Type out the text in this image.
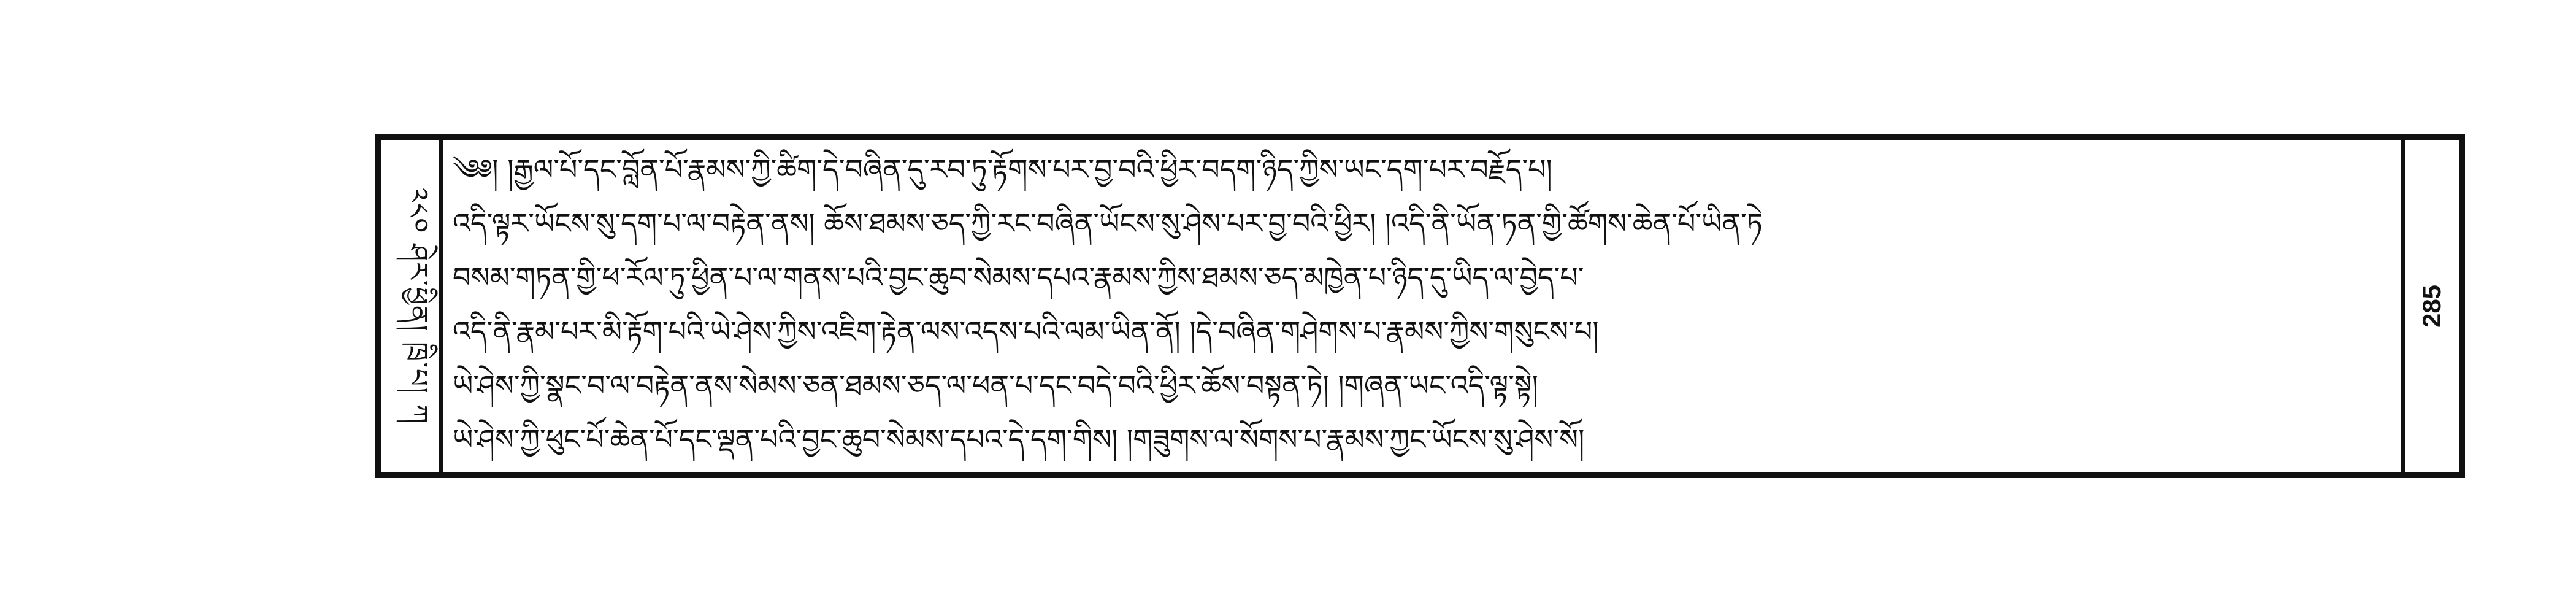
༢༨༠ ཤེར་ཕྱིན། ཁྲི་པ། ཀ	285
༄༅། །རྒྱལ་པོ་དང་བློན་པོ་རྣམས་ཀྱི་ཚིག་དེ་བཞིན་དུ་རབ་ཏུ་རྟོགས་པར་བྱ་བའི་ཕྱིར་བདག་ཉིད་ཀྱིས་ཡང་དག་པར་བརྗོད་པ།
འདི་ལྟར་ཡོངས་སུ་དག་པ་ལ་བརྟེན་ནས། ཆོས་ཐམས་ཅད་ཀྱི་རང་བཞིན་ཡོངས་སུ་ཤེས་པར་བྱ་བའི་ཕྱིར། །འདི་ནི་ཡོན་ཏན་གྱི་ཚོགས་ཆེན་པོ་ཡིན་ཏེ
བསམ་གཏན་གྱི་ཕ་རོལ་ཏུ་ཕྱིན་པ་ལ་གནས་པའི་བྱང་ཆུབ་སེམས་དཔའ་རྣམས་ཀྱིས་ཐམས་ཅད་མཁྱེན་པ་ཉིད་དུ་ཡིད་ལ་བྱེད་པ་
འདི་ནི་རྣམ་པར་མི་རྟོག་པའི་ཡེ་ཤེས་ཀྱིས་འཇིག་རྟེན་ལས་འདས་པའི་ལམ་ཡིན་ནོ། །དེ་བཞིན་གཤེགས་པ་རྣམས་ཀྱིས་གསུངས་པ།
ཡེ་ཤེས་ཀྱི་སྣང་བ་ལ་བརྟེན་ནས་སེམས་ཅན་ཐམས་ཅད་ལ་ཕན་པ་དང་བདེ་བའི་ཕྱིར་ཆོས་བསྟན་ཏེ། །གཞན་ཡང་འདི་ལྟ་སྟེ།
ཡེ་ཤེས་ཀྱི་ཕུང་པོ་ཆེན་པོ་དང་ལྡན་པའི་བྱང་ཆུབ་སེམས་དཔའ་དེ་དག་གིས། །གཟུགས་ལ་སོགས་པ་རྣམས་ཀྱང་ཡོངས་སུ་ཤེས་སོ།
